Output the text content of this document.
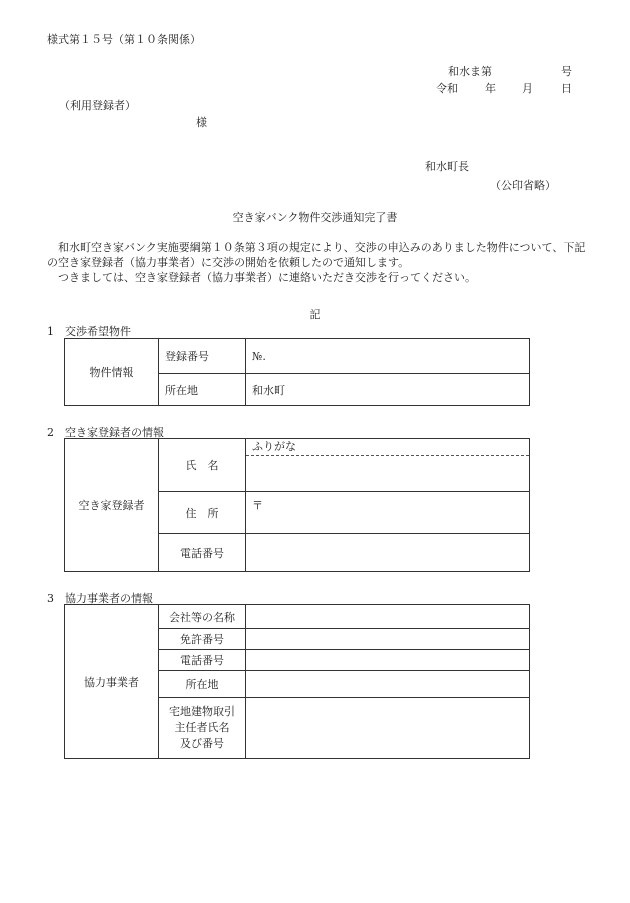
様式第１５号（第１０条関係）
和水ま第	号
令和 年 月	日
（利用登録者）
様
和水町長
（公印省略）
空き家バンク物件交渉通知完了書

和水町空き家バンク実施要綱第１０条第３項の規定により、交渉の申込みのありました物件について、下記の空き家登録者（協力事業者）に交渉の開始を依頼したので通知します。

つきましては、空き家登録者（協力事業者）に連絡いただき交渉を行ってください。

記
1　交渉希望物件
物件情報	登録番号	№.
	所在地	和水町
2　空き家登録者の情報
空き家登録者	氏　名	ふりがな

	住　所	〒
	電話番号	
3　協力事業者の情報
協力事業者	会社等の名称	
	免許番号	
	電話番号	
	所在地	

	宅地建物取引
主任者氏名
及び番号	
